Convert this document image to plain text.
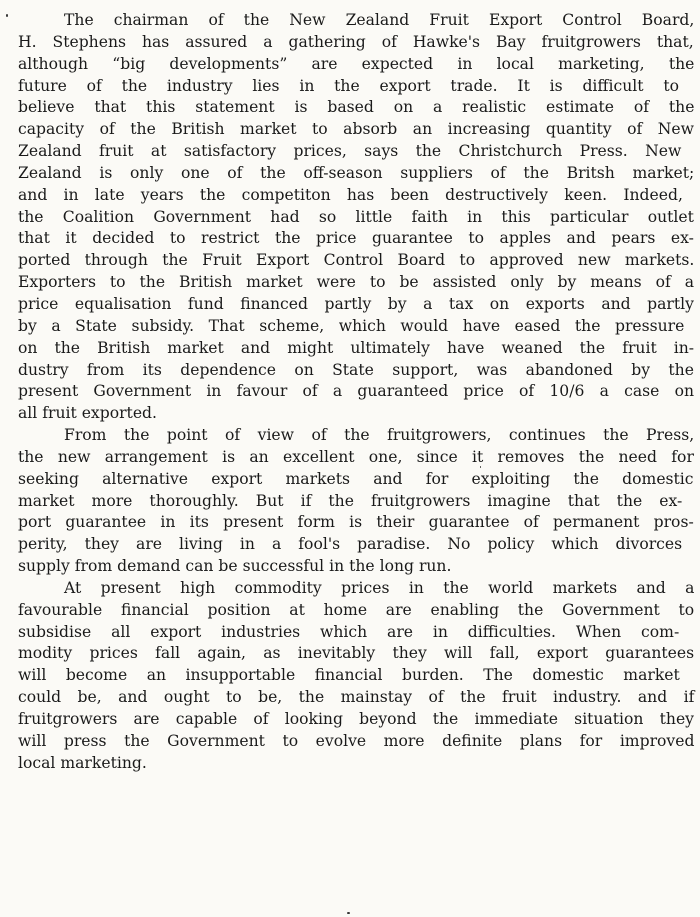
The chairman of the New Zealand Fruit Export Control Board,
H. Stephens has assured a gathering of Hawke's Bay fruitgrowers that,
although “big developments” are expected in local marketing, the
future of the industry lies in the export trade. It is difficult to
believe that this statement is based on a realistic estimate of the
capacity of the British market to absorb an increasing quantity of New
Zealand fruit at satisfactory prices, says the Christchurch Press. New
Zealand is only one of the off-season suppliers of the Britsh market;
and in late years the competiton has been destructively keen. Indeed,
the Coalition Government had so little faith in this particular outlet
that it decided to restrict the price guarantee to apples and pears ex-
ported through the Fruit Export Control Board to approved new markets.
Exporters to the British market were to be assisted only by means of a
price equalisation fund financed partly by a tax on exports and partly
by a State subsidy. That scheme, which would have eased the pressure
on the British market and might ultimately have weaned the fruit in-
dustry from its dependence on State support, was abandoned by the
present Government in favour of a guaranteed price of 10/6 a case on
all fruit exported.
From the point of view of the fruitgrowers, continues the Press,
the new arrangement is an excellent one, since it removes the need for
seeking alternative export markets and for exploiting the domestic
market more thoroughly. But if the fruitgrowers imagine that the ex-
port guarantee in its present form is their guarantee of permanent pros-
perity, they are living in a fool's paradise. No policy which divorces
supply from demand can be successful in the long run.
At present high commodity prices in the world markets and a
favourable financial position at home are enabling the Government to
subsidise all export industries which are in difficulties. When com-
modity prices fall again, as inevitably they will fall, export guarantees
will become an insupportable financial burden. The domestic market
could be, and ought to be, the mainstay of the fruit industry. and if
fruitgrowers are capable of looking beyond the immediate situation they
will press the Government to evolve more definite plans for improved
local marketing.
